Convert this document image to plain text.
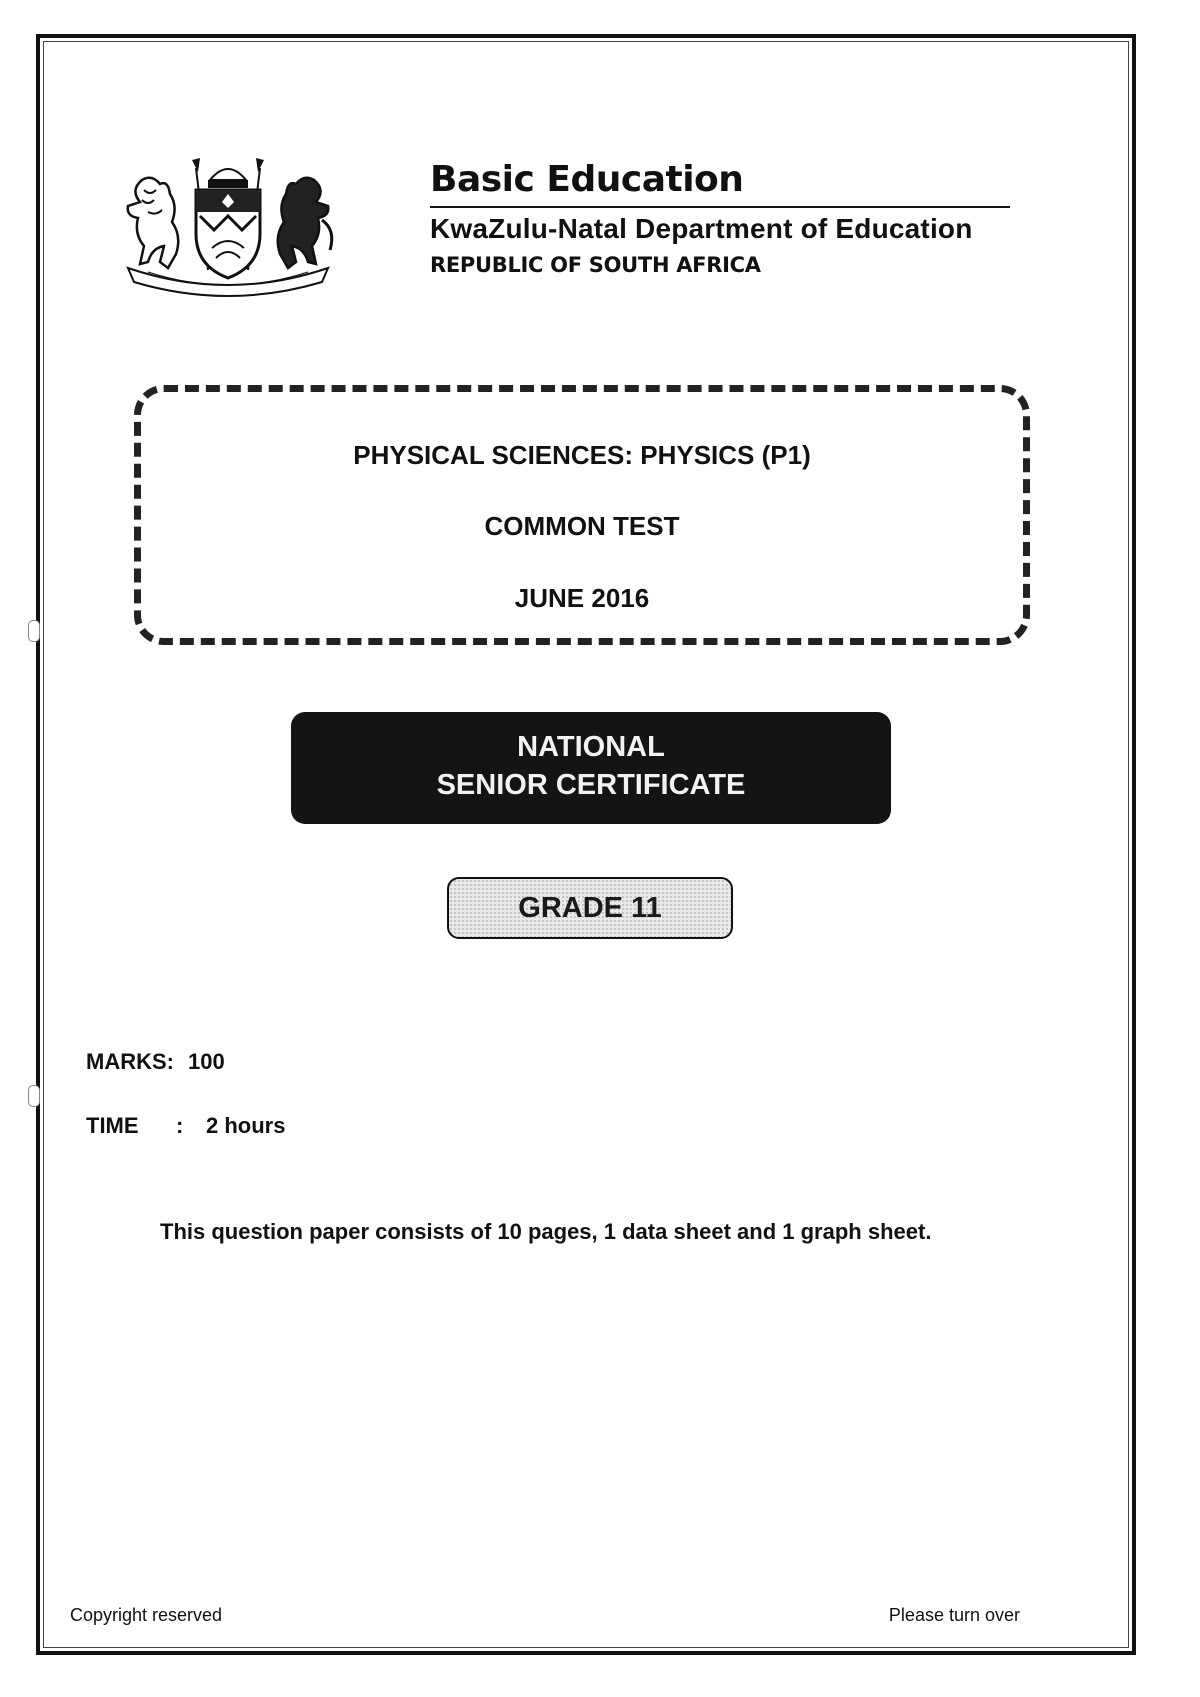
Basic Education
KwaZulu-Natal Department of Education
REPUBLIC OF SOUTH AFRICA
PHYSICAL SCIENCES: PHYSICS (P1)
COMMON TEST
JUNE 2016
NATIONAL
SENIOR CERTIFICATE
GRADE 11
MARKS: 100
TIME : 2 hours
This question paper consists of 10 pages, 1 data sheet and 1 graph sheet.
Copyright reserved	Please turn over
